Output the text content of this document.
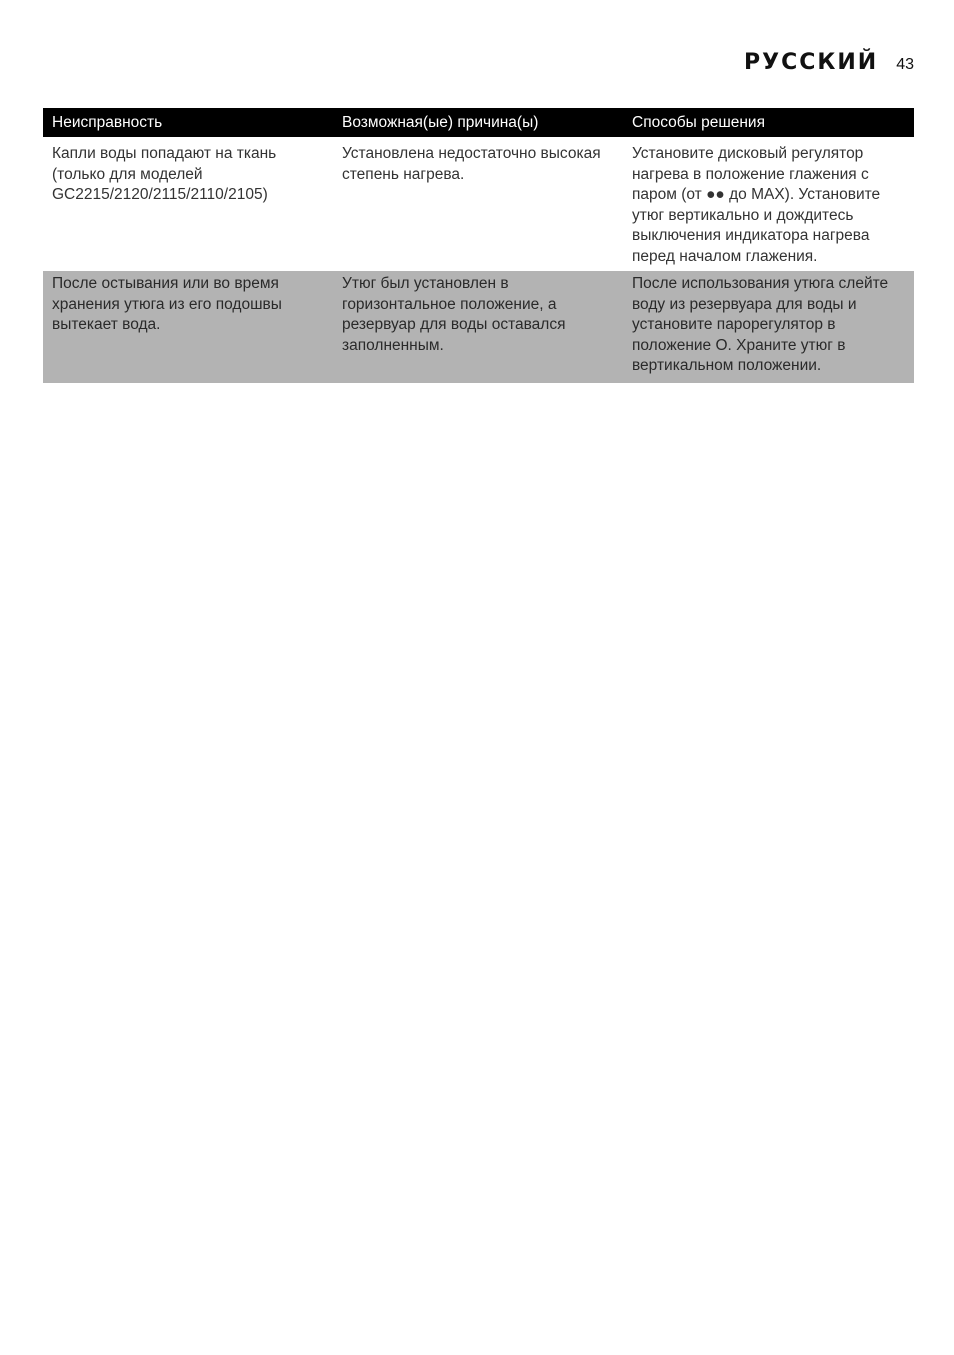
РУССКИЙ 43
Неисправность	Возможная(ые) причина(ы)	Способы решения
Капли воды попадают на ткань (только для моделей GC2215/2120/2115/2110/2105)
Установлена недостаточно высокая степень нагрева.
Установите дисковый регулятор нагрева в положение глажения с паром (от ●● до MAX). Установите утюг вертикально и дождитесь выключения индикатора нагрева перед началом глажения.
После остывания или во время хранения утюга из его подошвы вытекает вода.
Утюг был установлен в горизонтальное положение, а резервуар для воды оставался заполненным.
После использования утюга слейте воду из резервуара для воды и установите парорегулятор в положение O. Храните утюг в вертикальном положении.
